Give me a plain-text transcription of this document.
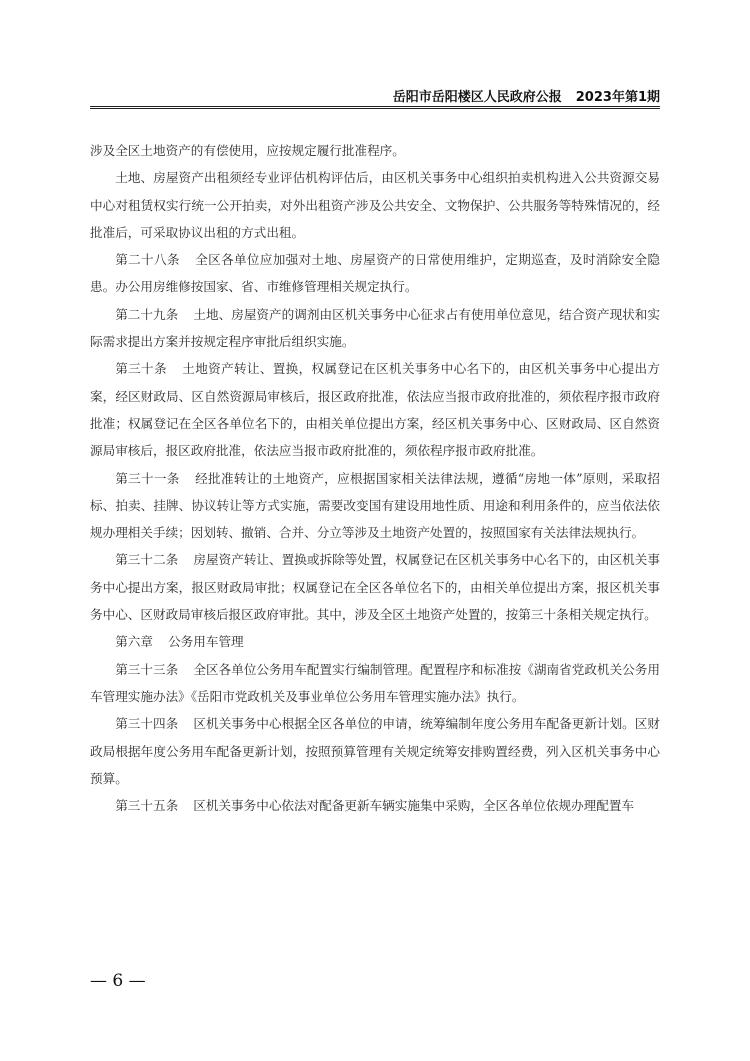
岳阳市岳阳楼区人民政府公报 2023年第1期

涉及全区土地资产的有偿使用，应按规定履行批准程序。

土地、房屋资产出租须经专业评估机构评估后，由区机关事务中心组织拍卖机构进入公共资源交易中心对租赁权实行统一公开拍卖，对外出租资产涉及公共安全、文物保护、公共服务等特殊情况的，经批准后，可采取协议出租的方式出租。

第二十八条 全区各单位应加强对土地、房屋资产的日常使用维护，定期巡查，及时消除安全隐患。办公用房维修按国家、省、市维修管理相关规定执行。

第二十九条 土地、房屋资产的调剂由区机关事务中心征求占有使用单位意见，结合资产现状和实际需求提出方案并按规定程序审批后组织实施。

第三十条 土地资产转让、置换，权属登记在区机关事务中心名下的，由区机关事务中心提出方案，经区财政局、区自然资源局审核后，报区政府批准，依法应当报市政府批准的，须依程序报市政府批准；权属登记在全区各单位名下的，由相关单位提出方案，经区机关事务中心、区财政局、区自然资源局审核后，报区政府批准，依法应当报市政府批准的，须依程序报市政府批准。

第三十一条 经批准转让的土地资产，应根据国家相关法律法规，遵循“房地一体”原则，采取招标、拍卖、挂牌、协议转让等方式实施，需要改变国有建设用地性质、用途和利用条件的，应当依法依规办理相关手续；因划转、撤销、合并、分立等涉及土地资产处置的，按照国家有关法律法规执行。

第三十二条 房屋资产转让、置换或拆除等处置，权属登记在区机关事务中心名下的，由区机关事务中心提出方案，报区财政局审批；权属登记在全区各单位名下的，由相关单位提出方案，报区机关事务中心、区财政局审核后报区政府审批。其中，涉及全区土地资产处置的，按第三十条相关规定执行。

第六章 公务用车管理

第三十三条 全区各单位公务用车配置实行编制管理。配置程序和标准按《湖南省党政机关公务用车管理实施办法》《岳阳市党政机关及事业单位公务用车管理实施办法》执行。

第三十四条 区机关事务中心根据全区各单位的申请，统筹编制年度公务用车配备更新计划。区财政局根据年度公务用车配备更新计划，按照预算管理有关规定统筹安排购置经费，列入区机关事务中心预算。

第三十五条 区机关事务中心依法对配备更新车辆实施集中采购，全区各单位依规办理配置车

— 6 —
